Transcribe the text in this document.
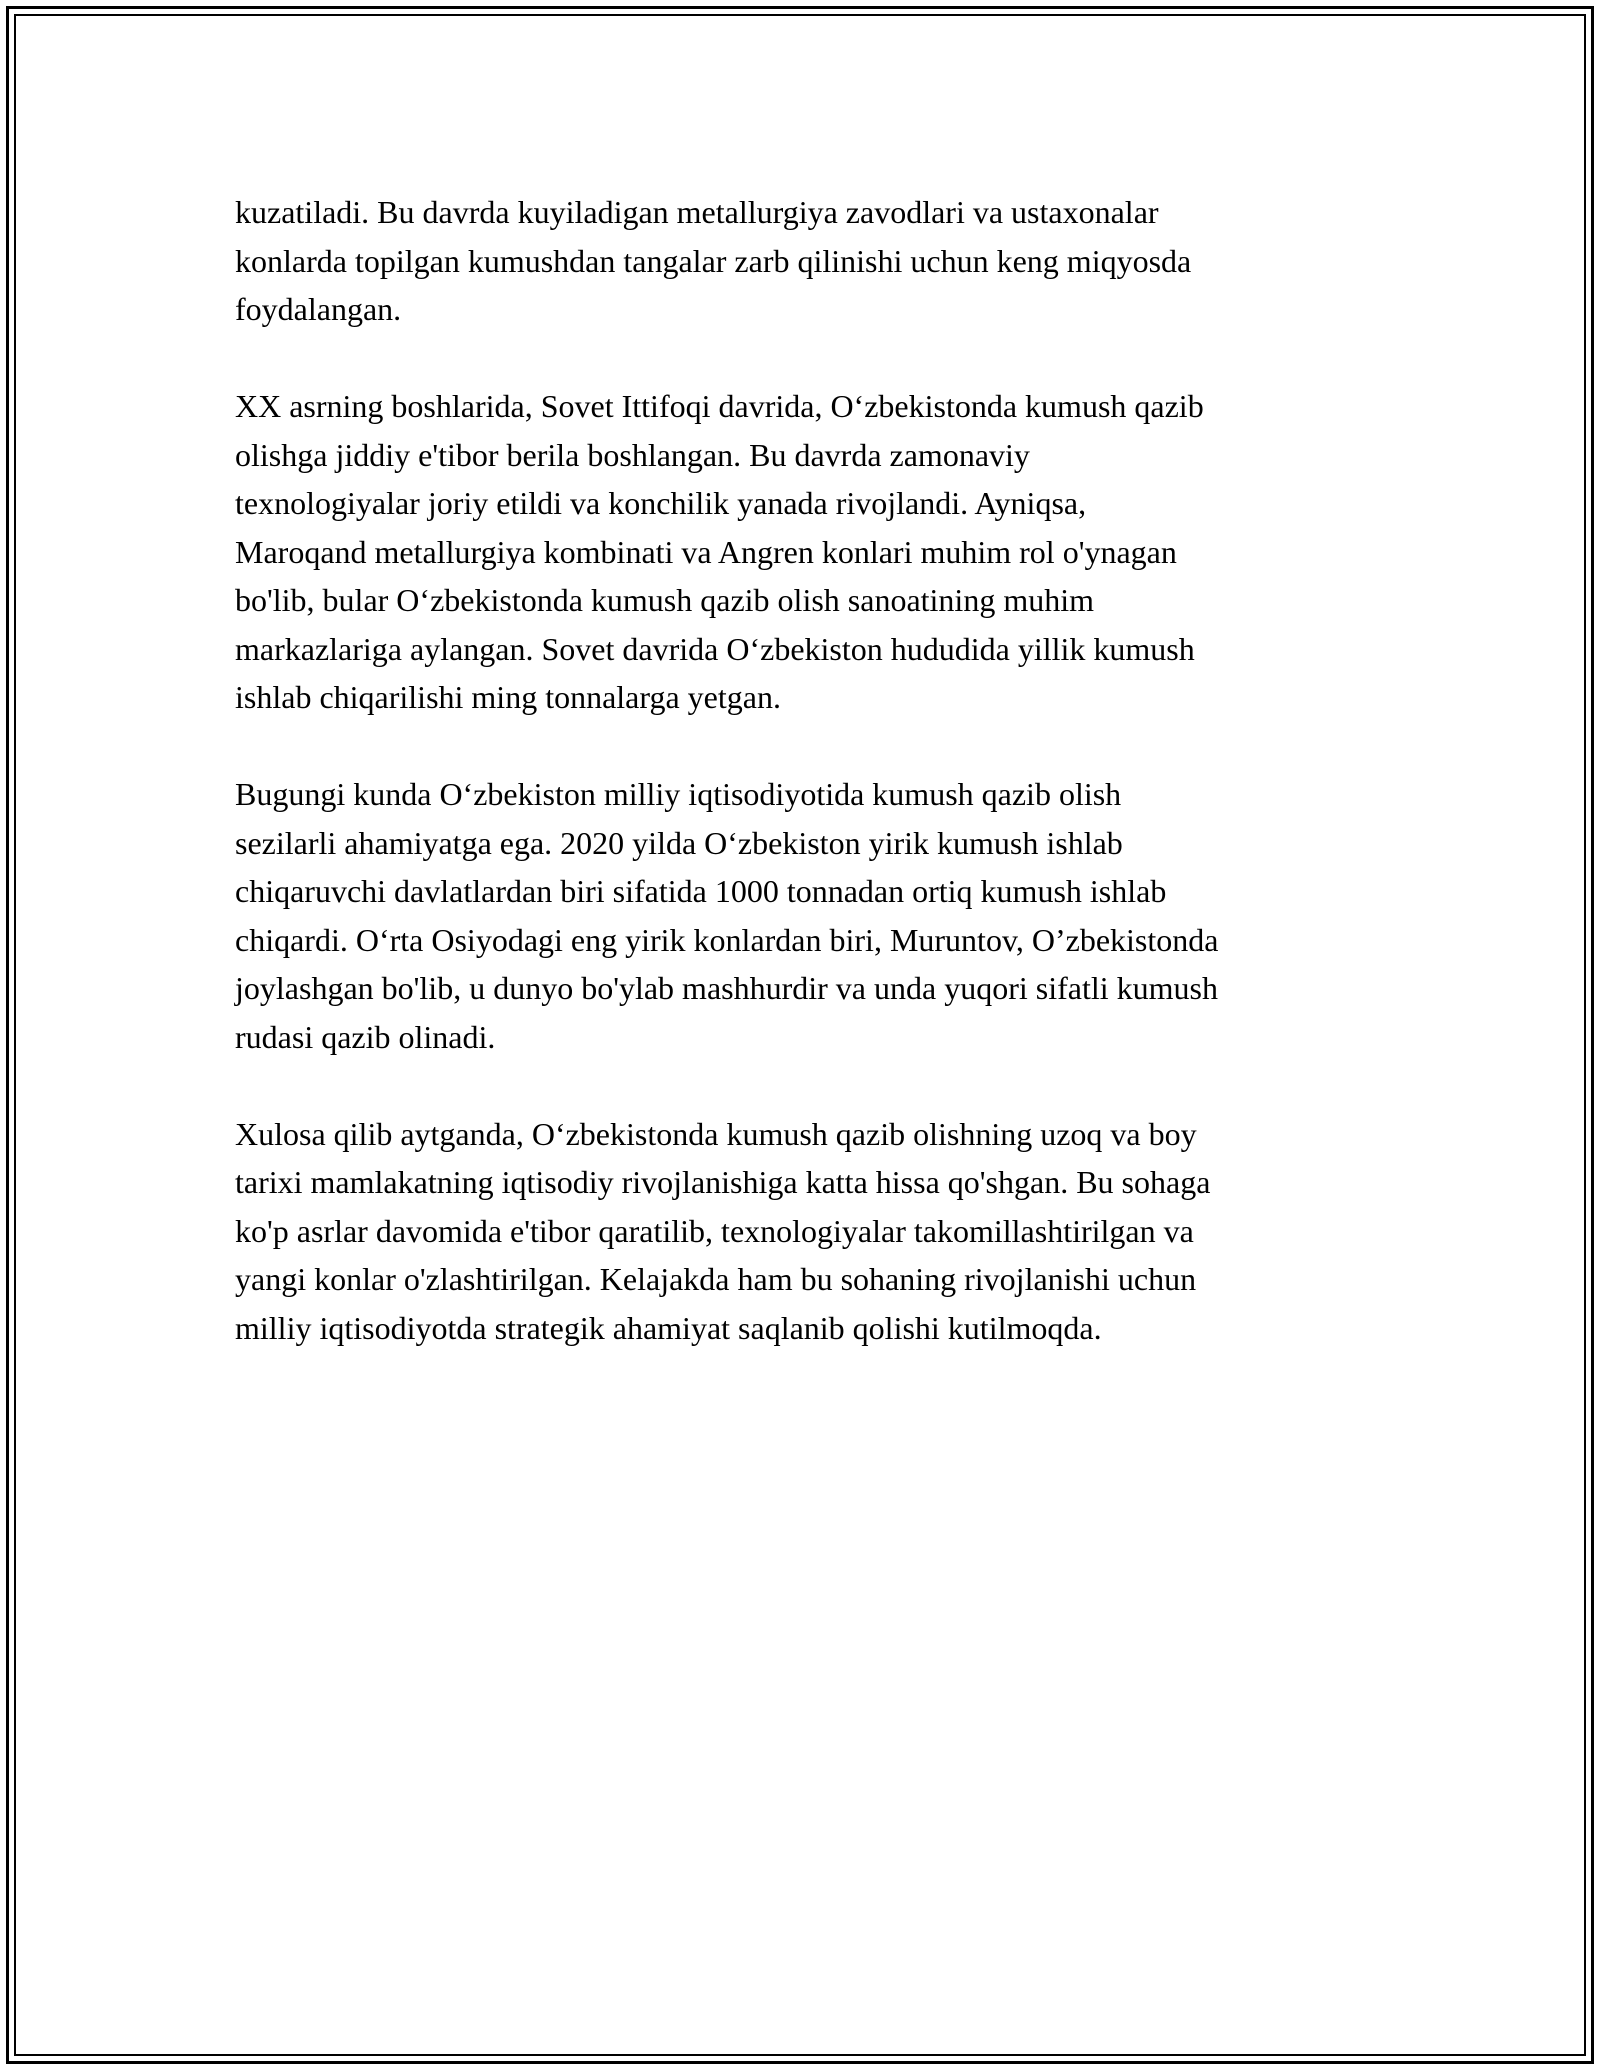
kuzatiladi. Bu davrda kuyiladigan metallurgiya zavodlari va ustaxonalar
konlarda topilgan kumushdan tangalar zarb qilinishi uchun keng miqyosda
foydalangan.

XX asrning boshlarida, Sovet Ittifoqi davrida, O‘zbekistonda kumush qazib
olishga jiddiy e'tibor berila boshlangan. Bu davrda zamonaviy
texnologiyalar joriy etildi va konchilik yanada rivojlandi. Ayniqsa,
Maroqand metallurgiya kombinati va Angren konlari muhim rol o'ynagan
bo'lib, bular O‘zbekistonda kumush qazib olish sanoatining muhim
markazlariga aylangan. Sovet davrida O‘zbekiston hududida yillik kumush
ishlab chiqarilishi ming tonnalarga yetgan.

Bugungi kunda O‘zbekiston milliy iqtisodiyotida kumush qazib olish
sezilarli ahamiyatga ega. 2020 yilda O‘zbekiston yirik kumush ishlab
chiqaruvchi davlatlardan biri sifatida 1000 tonnadan ortiq kumush ishlab
chiqardi. O‘rta Osiyodagi eng yirik konlardan biri, Muruntov, O’zbekistonda
joylashgan bo'lib, u dunyo bo'ylab mashhurdir va unda yuqori sifatli kumush
rudasi qazib olinadi.

Xulosa qilib aytganda, O‘zbekistonda kumush qazib olishning uzoq va boy
tarixi mamlakatning iqtisodiy rivojlanishiga katta hissa qo'shgan. Bu sohaga
ko'p asrlar davomida e'tibor qaratilib, texnologiyalar takomillashtirilgan va
yangi konlar o'zlashtirilgan. Kelajakda ham bu sohaning rivojlanishi uchun
milliy iqtisodiyotda strategik ahamiyat saqlanib qolishi kutilmoqda.
